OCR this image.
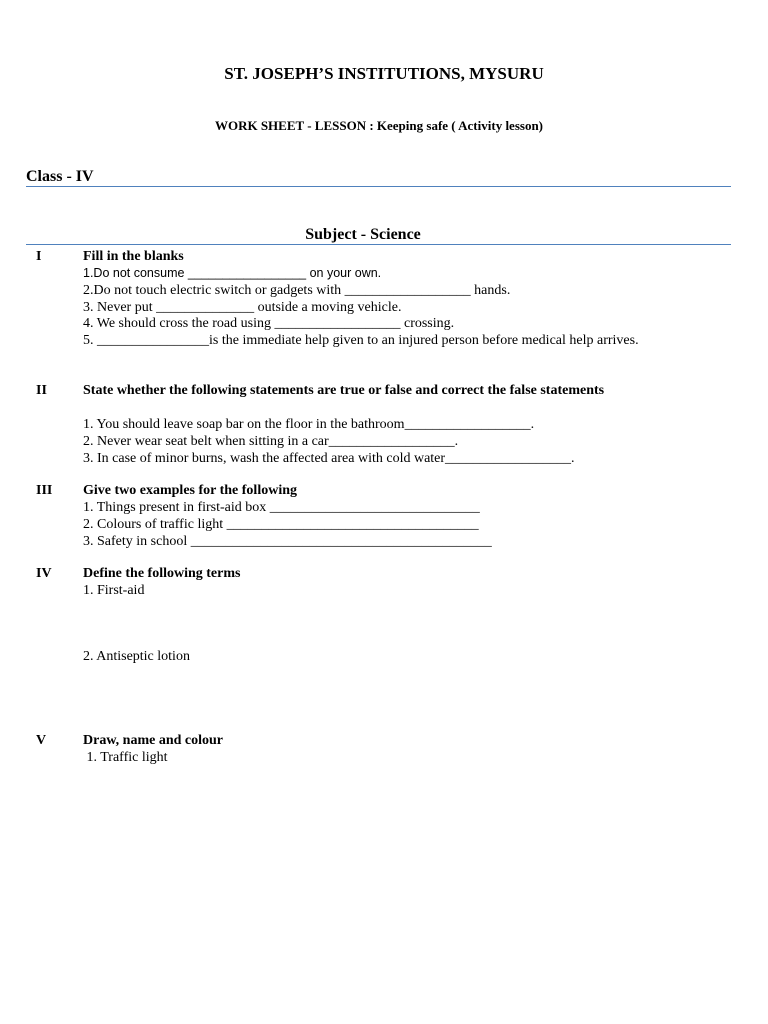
ST. JOSEPH’S INSTITUTIONS, MYSURU
WORK SHEET - LESSON : Keeping safe ( Activity lesson)
Class - IV
Subject - Science
I	Fill in the blanks
1.Do not consume _________________ on your own.
2.Do not touch electric switch or gadgets with __________________ hands.
3. Never put ______________ outside a moving vehicle.
4. We should cross the road using __________________ crossing.
5. ________________is the immediate help given to an injured person before medical help arrives.
II	State whether the following statements are true or false and correct the false statements
1. You should leave soap bar on the floor in the bathroom__________________.
2. Never wear seat belt when sitting in a car__________________.
3. In case of minor burns, wash the affected area with cold water__________________.
III Give two examples for the following
1. Things present in first-aid box ______________________________
2. Colours of traffic light ____________________________________
3. Safety in school ___________________________________________
IV Define the following terms
1. First-aid
2. Antiseptic lotion
V	Draw, name and colour
1. Traffic light
